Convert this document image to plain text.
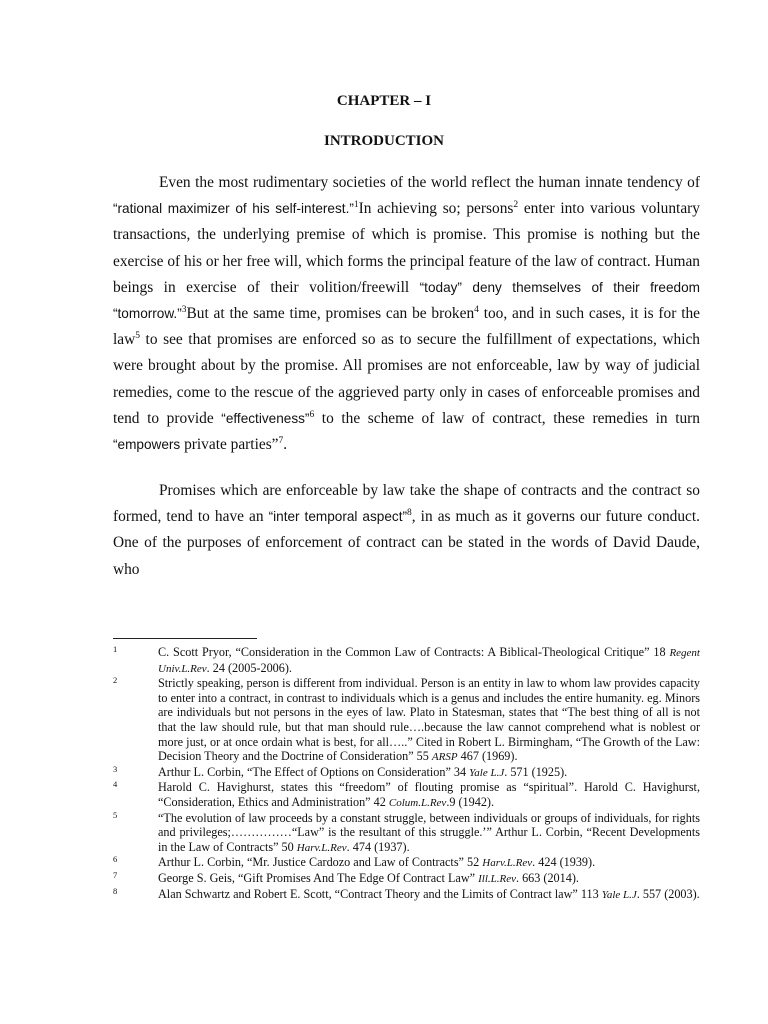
CHAPTER – I
INTRODUCTION

Even the most rudimentary societies of the world reflect the human innate tendency of “rational maximizer of his self-interest.”$^1$In achieving so; persons$^2$ enter into various voluntary transactions, the underlying premise of which is promise. This promise is nothing but the exercise of his or her free will, which forms the principal feature of the law of contract. Human beings in exercise of their volition/freewill “today” deny themselves of their freedom “tomorrow.”$^3$But at the same time, promises can be broken$^4$ too, and in such cases, it is for the law$^5$ to see that promises are enforced so as to secure the fulfillment of expectations, which were brought about by the promise. All promises are not enforceable, law by way of judicial remedies, come to the rescue of the aggrieved party only in cases of enforceable promises and tend to provide “effectiveness”$^6$ to the scheme of law of contract, these remedies in turn “empowers private parties”$^7$.

Promises which are enforceable by law take the shape of contracts and the contract so formed, tend to have an “inter temporal aspect”$^8$, in as much as it governs our future conduct. One of the purposes of enforcement of contract can be stated in the words of David Daude, who

1	C. Scott Pryor, “Consideration in the Common Law of Contracts: A Biblical-Theological Critique” 18 Regent Univ.L.Rev. 24 (2005-2006).
2	Strictly speaking, person is different from individual. Person is an entity in law to whom law provides capacity to enter into a contract, in contrast to individuals which is a genus and includes the entire humanity. eg. Minors are individuals but not persons in the eyes of law. Plato in Statesman, states that “The best thing of all is not that the law should rule, but that man should rule….because the law cannot comprehend what is noblest or more just, or at once ordain what is best, for all…..” Cited in Robert L. Birmingham, “The Growth of the Law: Decision Theory and the Doctrine of Consideration” 55 ARSP 467 (1969).
3	Arthur L. Corbin, “The Effect of Options on Consideration” 34 Yale L.J. 571 (1925).
4	Harold C. Havighurst, states this “freedom” of flouting promise as “spiritual”. Harold C. Havighurst, “Consideration, Ethics and Administration” 42 Colum.L.Rev.9 (1942).
5	“The evolution of law proceeds by a constant struggle, between individuals or groups of individuals, for rights and privileges;……………“Law” is the resultant of this struggle.’” Arthur L. Corbin, “Recent Developments in the Law of Contracts” 50 Harv.L.Rev. 474 (1937).
6	Arthur L. Corbin, “Mr. Justice Cardozo and Law of Contracts” 52 Harv.L.Rev. 424 (1939).
7	George S. Geis, “Gift Promises And The Edge Of Contract Law” Ill.L.Rev. 663 (2014).
8	Alan Schwartz and Robert E. Scott, “Contract Theory and the Limits of Contract law” 113 Yale L.J. 557 (2003).
